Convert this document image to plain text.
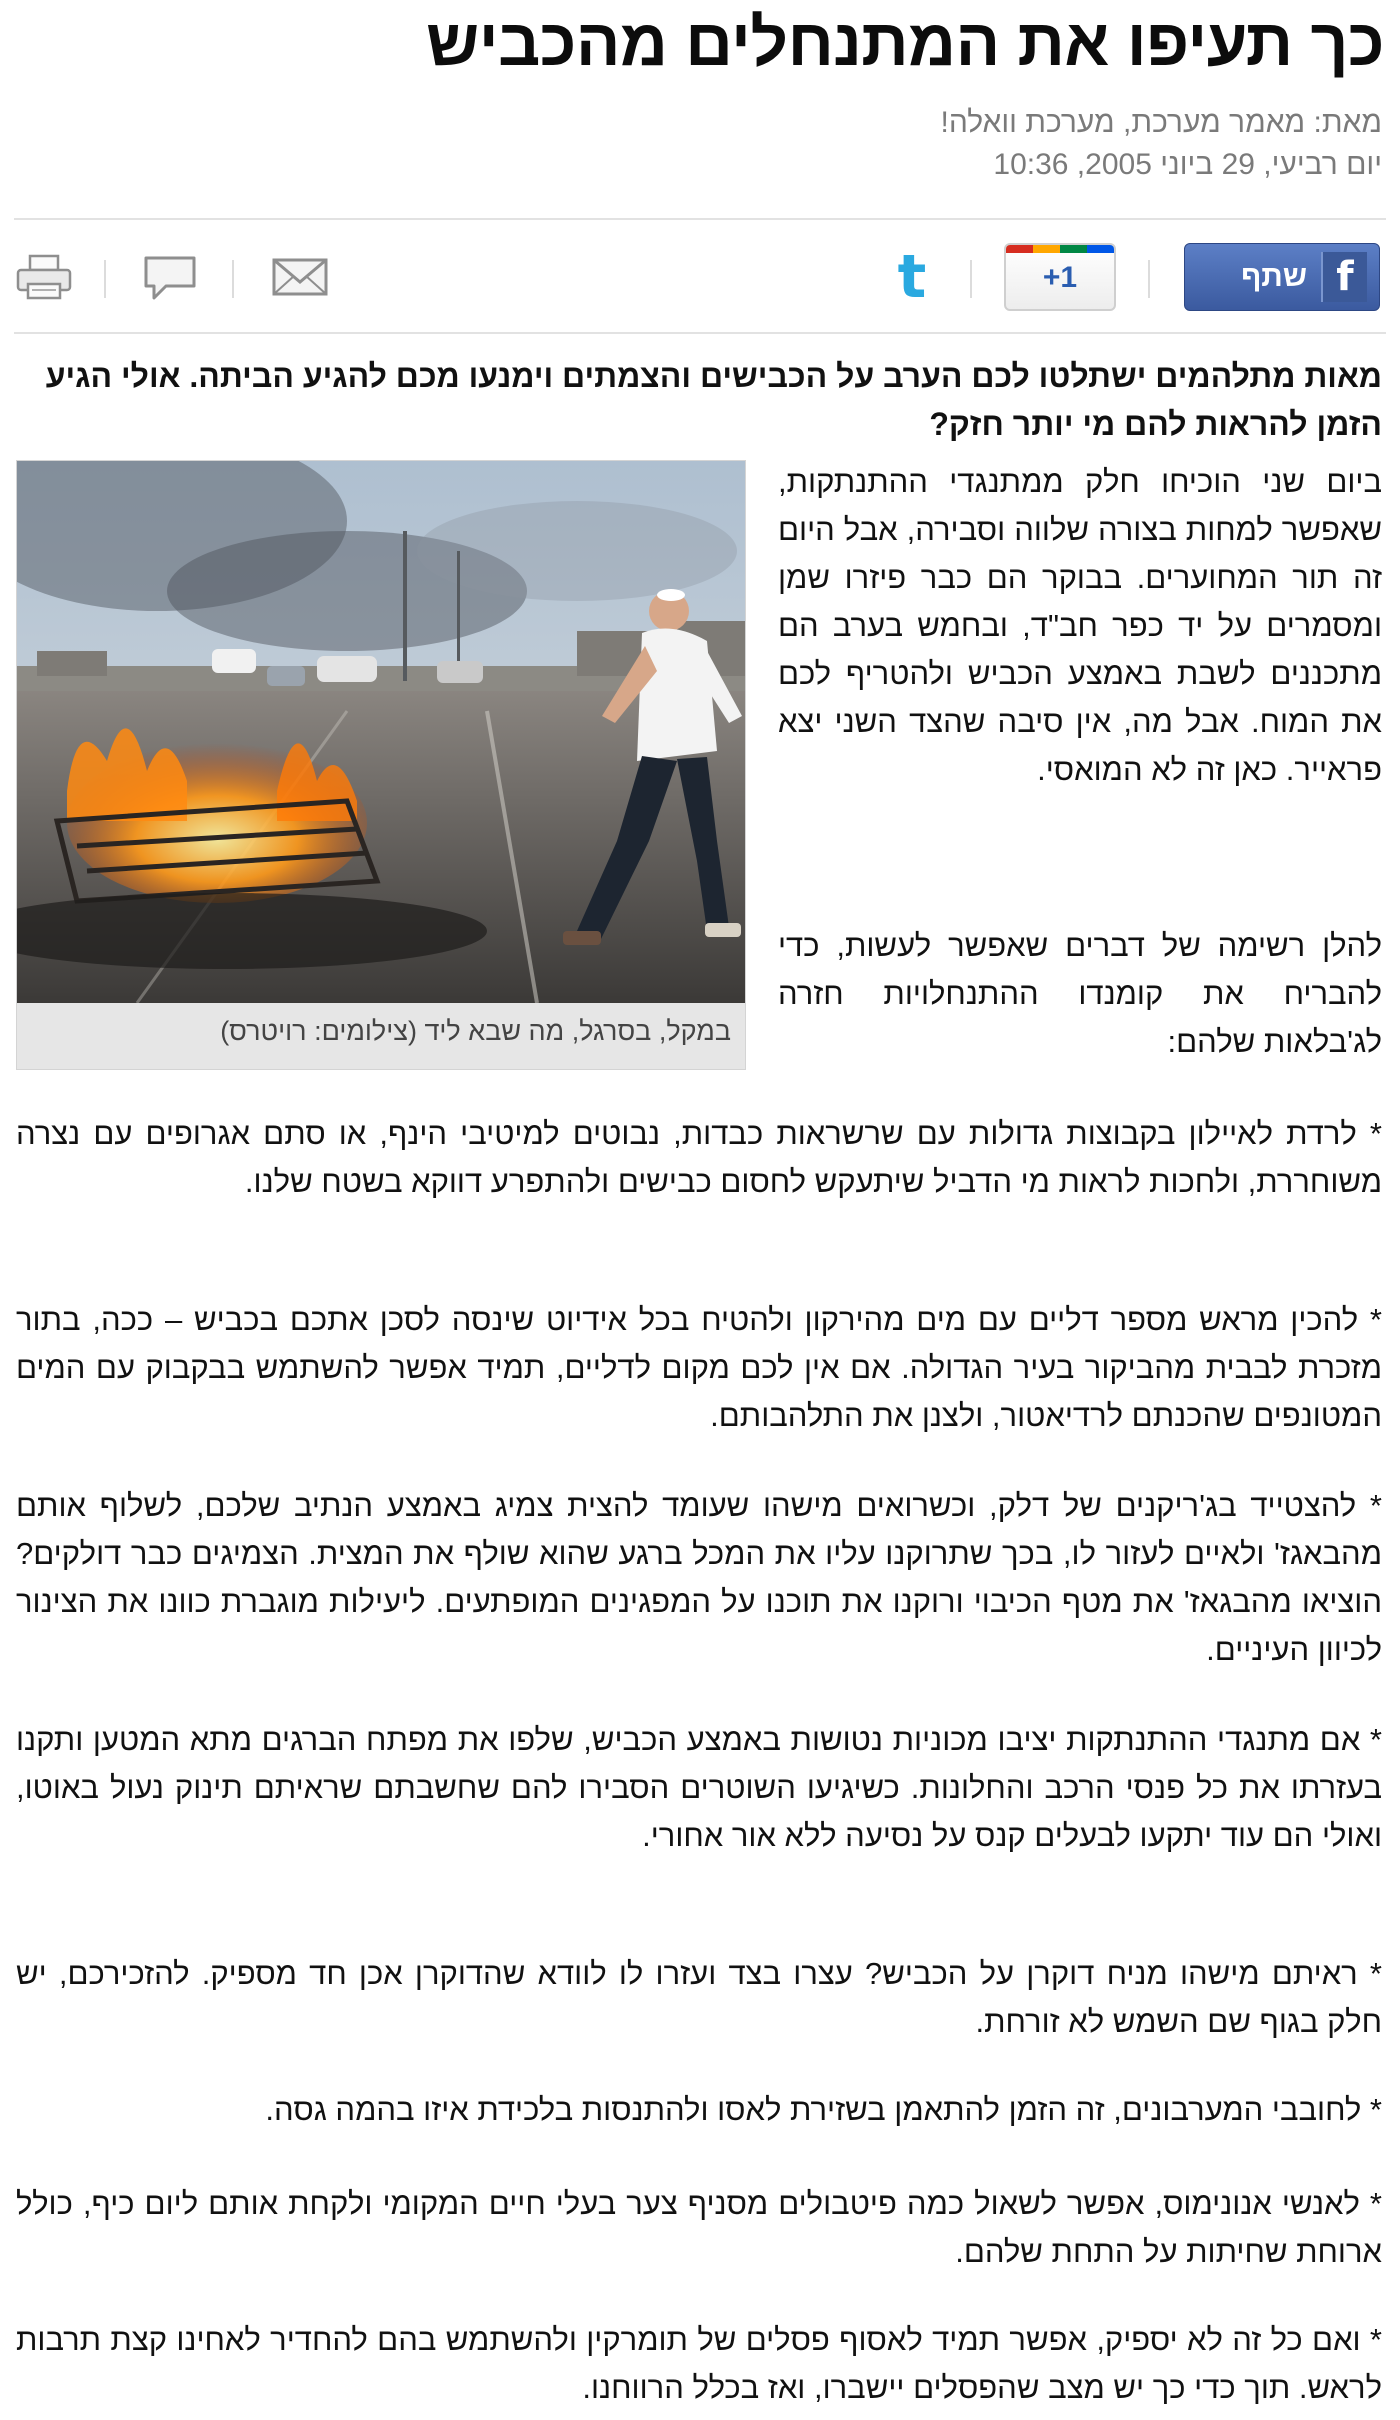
כך תעיפו את המתנחלים מהכביש
מאת: מאמר מערכת, מערכת וואלה!
יום רביעי, 29 ביוני 2005, 10:36
f
שתף
+1
t

מאות מתלהמים ישתלטו לכם הערב על הכבישים והצמתים וימנעו מכם להגיע הביתה. אולי הגיע הזמן להראות להם מי יותר חזק?

במקל, בסרגל, מה שבא ליד (צילומים: רויטרס)

ביום שני הוכיחו חלק ממתנגדי ההתנתקות, שאפשר למחות בצורה שלווה וסבירה, אבל היום זה תור המחוערים. בבוקר הם כבר פיזרו שמן ומסמרים על יד כפר חב"ד, ובחמש בערב הם מתכננים לשבת באמצע הכביש ולהטריף לכם את המוח. אבל מה, אין סיבה שהצד השני יצא פראייר. כאן זה לא המואסי.

להלן רשימה של דברים שאפשר לעשות, כדי להבריח את קומנדו ההתנחלויות חזרה לג'בלאות שלהם:

* לרדת לאיילון בקבוצות גדולות עם שרשראות כבדות, נבוטים למיטיבי הינף, או סתם אגרופים עם נצרה משוחררת, ולחכות לראות מי הדביל שיתעקש לחסום כבישים ולהתפרע דווקא בשטח שלנו.

* להכין מראש מספר דליים עם מים מהירקון ולהטיח בכל אידיוט שינסה לסכן אתכם בכביש – ככה, בתור מזכרת לבבית מהביקור בעיר הגדולה. אם אין לכם מקום לדליים, תמיד אפשר להשתמש בבקבוק עם המים המטונפים שהכנתם לרדיאטור, ולצנן את התלהבותם.

* להצטייד בג'ריקנים של דלק, וכשרואים מישהו שעומד להצית צמיג באמצע הנתיב שלכם, לשלוף אותם מהבאגז' ולאיים לעזור לו, בכך שתרוקנו עליו את המכל ברגע שהוא שולף את המצית. הצמיגים כבר דולקים? הוציאו מהבגאז' את מטף הכיבוי ורוקנו את תוכנו על המפגינים המופתעים. ליעילות מוגברת כוונו את הצינור לכיוון העיניים.

* אם מתנגדי ההתנתקות יציבו מכוניות נטושות באמצע הכביש, שלפו את מפתח הברגים מתא המטען ותקנו בעזרתו את כל פנסי הרכב והחלונות. כשיגיעו השוטרים הסבירו להם שחשבתם שראיתם תינוק נעול באוטו, ואולי הם עוד יתקעו לבעלים קנס על נסיעה ללא אור אחורי.

* ראיתם מישהו מניח דוקרן על הכביש? עצרו בצד ועזרו לו לוודא שהדוקרן אכן חד מספיק. להזכירכם, יש חלק בגוף שם השמש לא זורחת.

* לחובבי המערבונים, זה הזמן להתאמן בשזירת לאסו ולהתנסות בלכידת איזו בהמה גסה.

* לאנשי אנונימוס, אפשר לשאול כמה פיטבולים מסניף צער בעלי חיים המקומי ולקחת אותם ליום כיף, כולל ארוחת שחיתות על התחת שלהם.

* ואם כל זה לא יספיק, אפשר תמיד לאסוף פסלים של תומרקין ולהשתמש בהם להחדיר לאחינו קצת תרבות לראש. תוך כדי כך יש מצב שהפסלים יישברו, ואז בכלל הרווחנו.
